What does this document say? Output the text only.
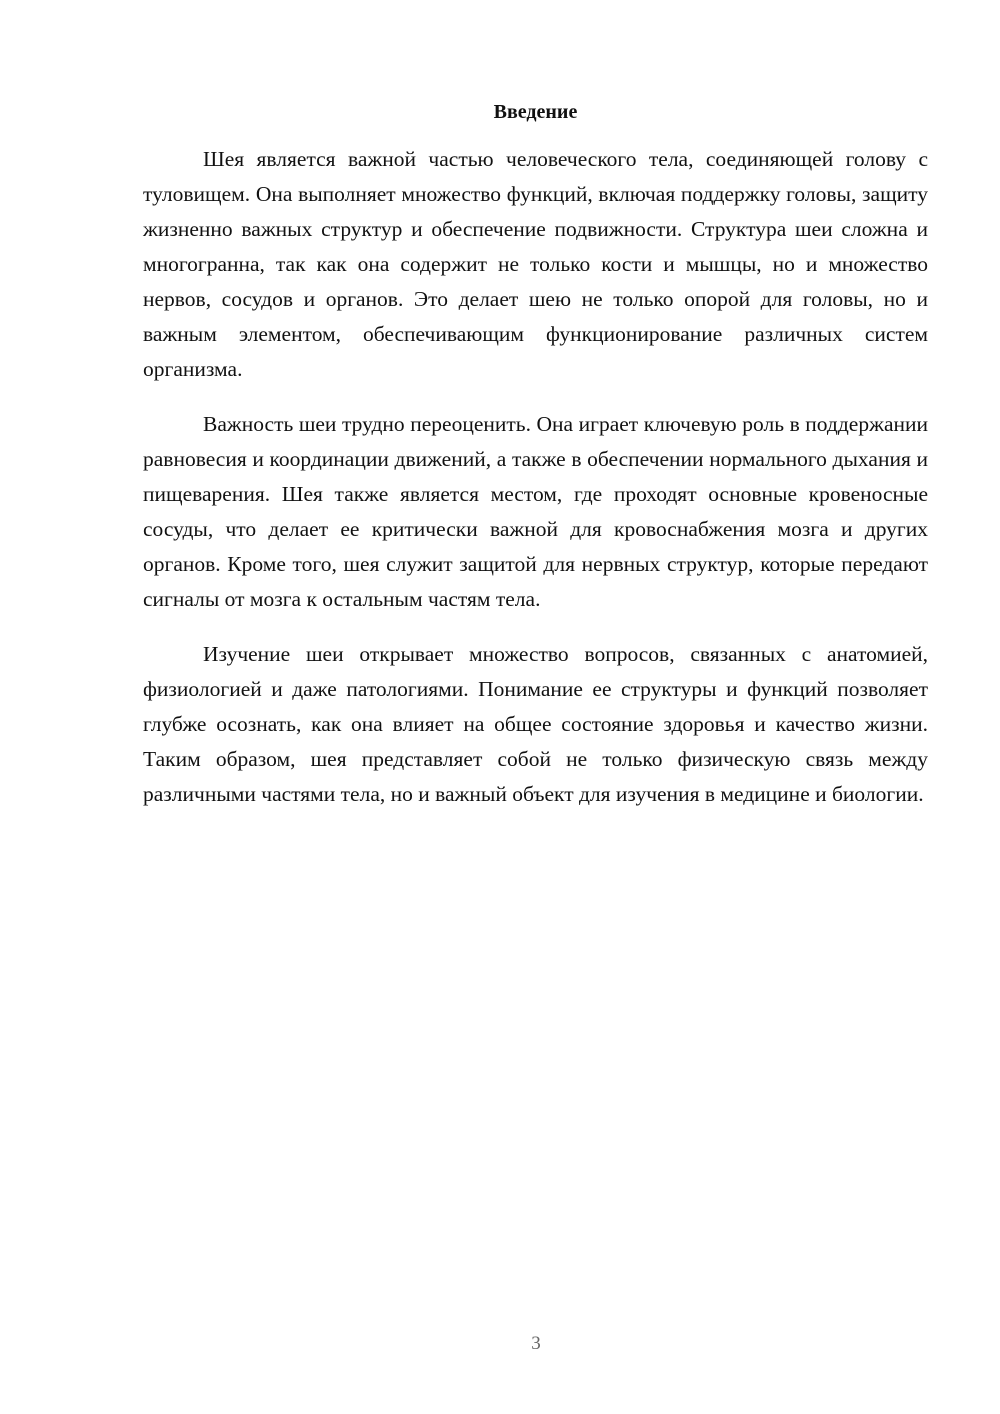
Введение

Шея является важной частью человеческого тела, соединяющей голову с туловищем. Она выполняет множество функций, включая поддержку головы, защиту жизненно важных структур и обеспечение подвижности. Структура шеи сложна и многогранна, так как она содержит не только кости и мышцы, но и множество нервов, сосудов и органов. Это делает шею не только опорой для головы, но и важным элементом, обеспечивающим функционирование различных систем организма.

Важность шеи трудно переоценить. Она играет ключевую роль в поддержании равновесия и координации движений, а также в обеспечении нормального дыхания и пищеварения. Шея также является местом, где проходят основные кровеносные сосуды, что делает ее критически важной для кровоснабжения мозга и других органов. Кроме того, шея служит защитой для нервных структур, которые передают сигналы от мозга к остальным частям тела.

Изучение шеи открывает множество вопросов, связанных с анатомией, физиологией и даже патологиями. Понимание ее структуры и функций позволяет глубже осознать, как она влияет на общее состояние здоровья и качество жизни. Таким образом, шея представляет собой не только физическую связь между различными частями тела, но и важный объект для изучения в медицине и биологии.

3
